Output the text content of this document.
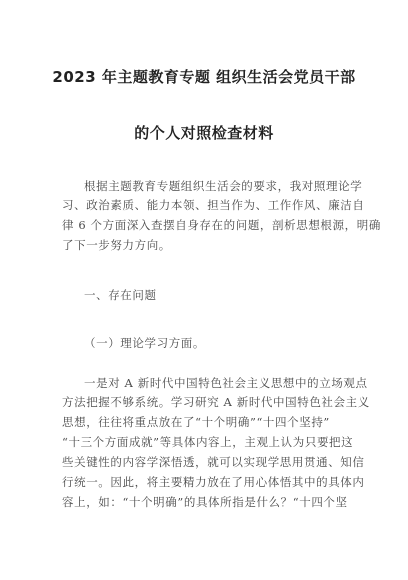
2023 年主题教育专题 组织生活会党员干部
的个人对照检查材料
根据主题教育专题组织生活会的要求，我对照理论学
习、政治素质、能力本领、担当作为、工作作风、廉洁自
律 6 个方面深入查摆自身存在的问题，剖析思想根源，明确
了下一步努力方向。
一、存在问题
（一）理论学习方面。
一是对 A 新时代中国特色社会主义思想中的立场观点
方法把握不够系统。学习研究 A 新时代中国特色社会主义
思想，往往将重点放在了“十个明确”“十四个坚持”
“十三个方面成就”等具体内容上，主观上认为只要把这
些关键性的内容学深悟透，就可以实现学思用贯通、知信
行统一。因此，将主要精力放在了用心体悟其中的具体内
容上，如：“十个明确”的具体所指是什么？“十四个坚
